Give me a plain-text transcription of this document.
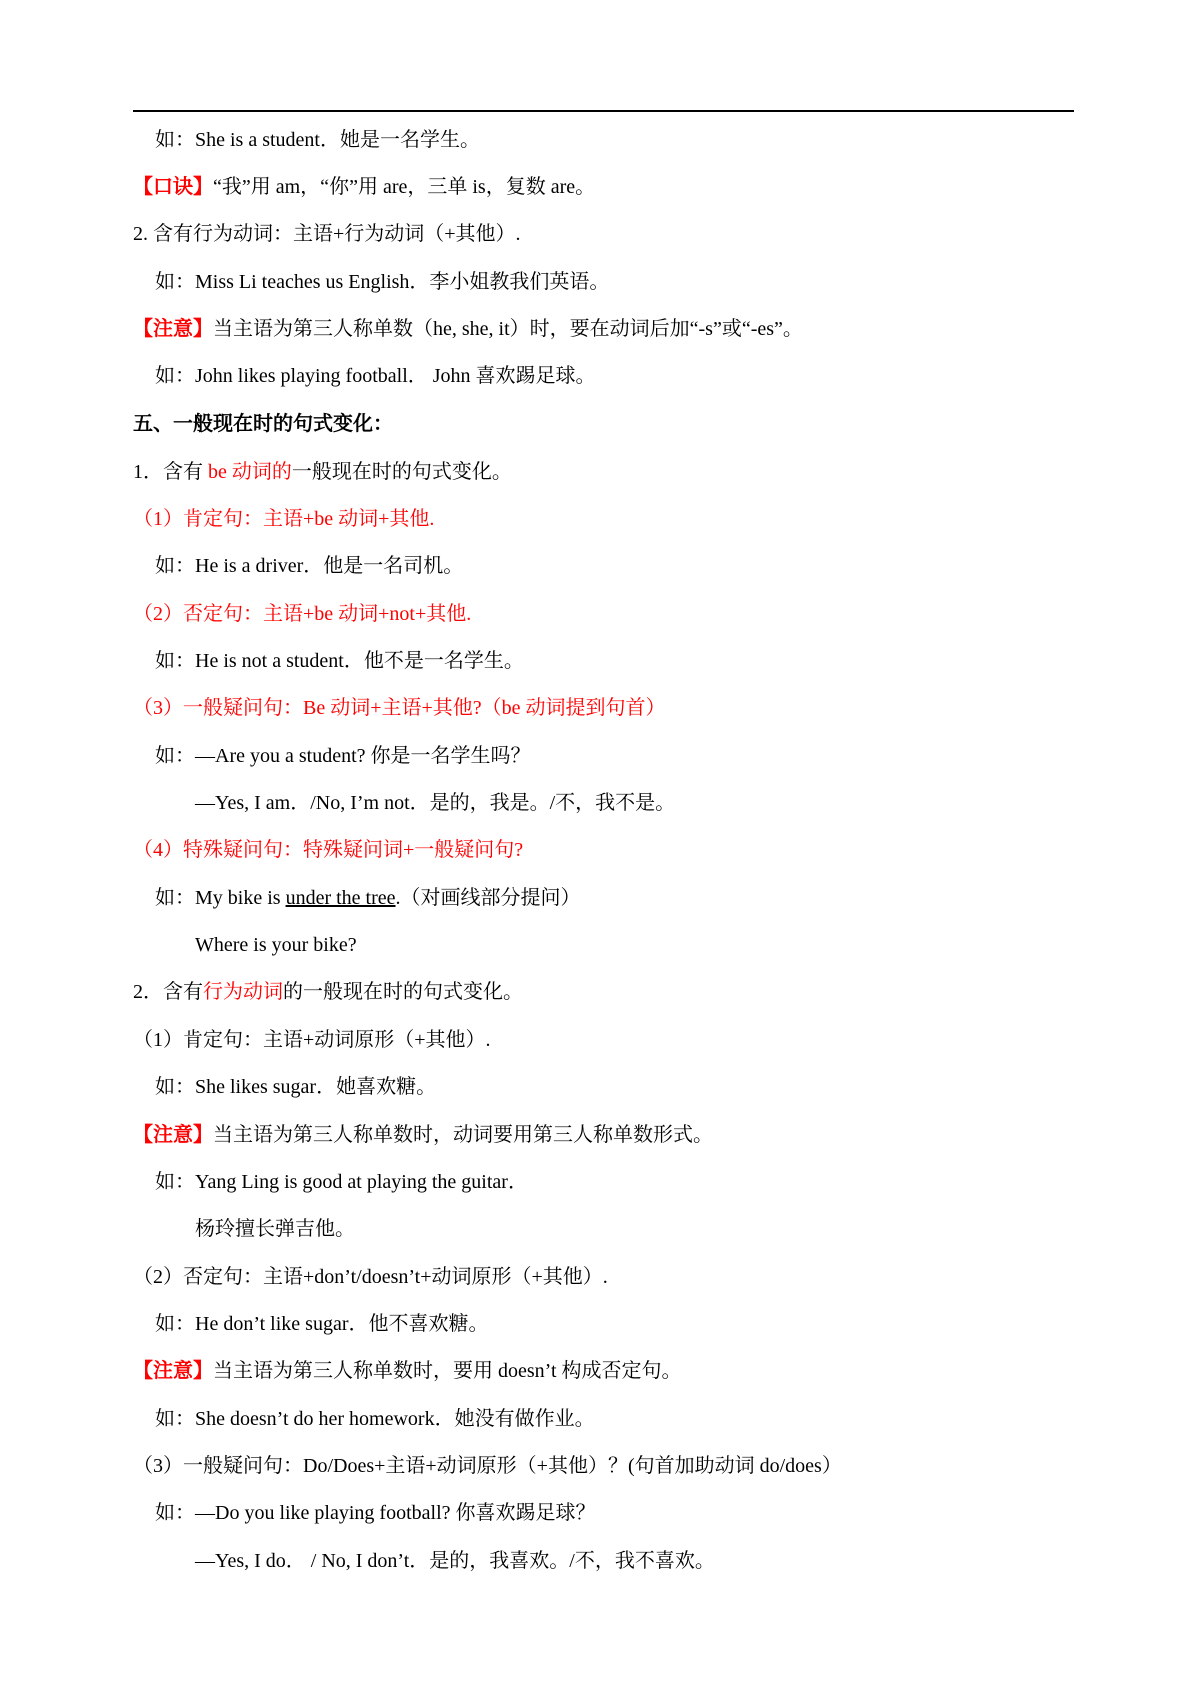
如：She is a student．她是一名学生。
【口诀】“我”用 am，“你”用 are，三单 is，复数 are。
2. 含有行为动词：主语+行为动词（+其他）.
如：Miss Li teaches us English．李小姐教我们英语。
【注意】当主语为第三人称单数（he, she, it）时，要在动词后加“-s”或“-es”。
如：John likes playing football． John 喜欢踢足球。
五、一般现在时的句式变化：
1．含有 be 动词的一般现在时的句式变化。
（1）肯定句：主语+be 动词+其他.
如：He is a driver．他是一名司机。
（2）否定句：主语+be 动词+not+其他.
如：He is not a student．他不是一名学生。
（3）一般疑问句：Be 动词+主语+其他?（be 动词提到句首）
如：—Are you a student? 你是一名学生吗？
—Yes, I am．/No, I’m not．是的，我是。/不，我不是。
（4）特殊疑问句：特殊疑问词+一般疑问句?
如：My bike is under the tree.（对画线部分提问）
Where is your bike?
2．含有行为动词的一般现在时的句式变化。
（1）肯定句：主语+动词原形（+其他）.
如：She likes sugar．她喜欢糖。
【注意】当主语为第三人称单数时，动词要用第三人称单数形式。
如：Yang Ling is good at playing the guitar．
杨玲擅长弹吉他。
（2）否定句：主语+don’t/doesn’t+动词原形（+其他）.
如：He don’t like sugar．他不喜欢糖。
【注意】当主语为第三人称单数时，要用 doesn’t 构成否定句。
如：She doesn’t do her homework．她没有做作业。
（3）一般疑问句：Do/Does+主语+动词原形（+其他）？(句首加助动词 do/does）
如：—Do you like playing football? 你喜欢踢足球？
—Yes, I do． / No, I don’t．是的，我喜欢。/不，我不喜欢。
